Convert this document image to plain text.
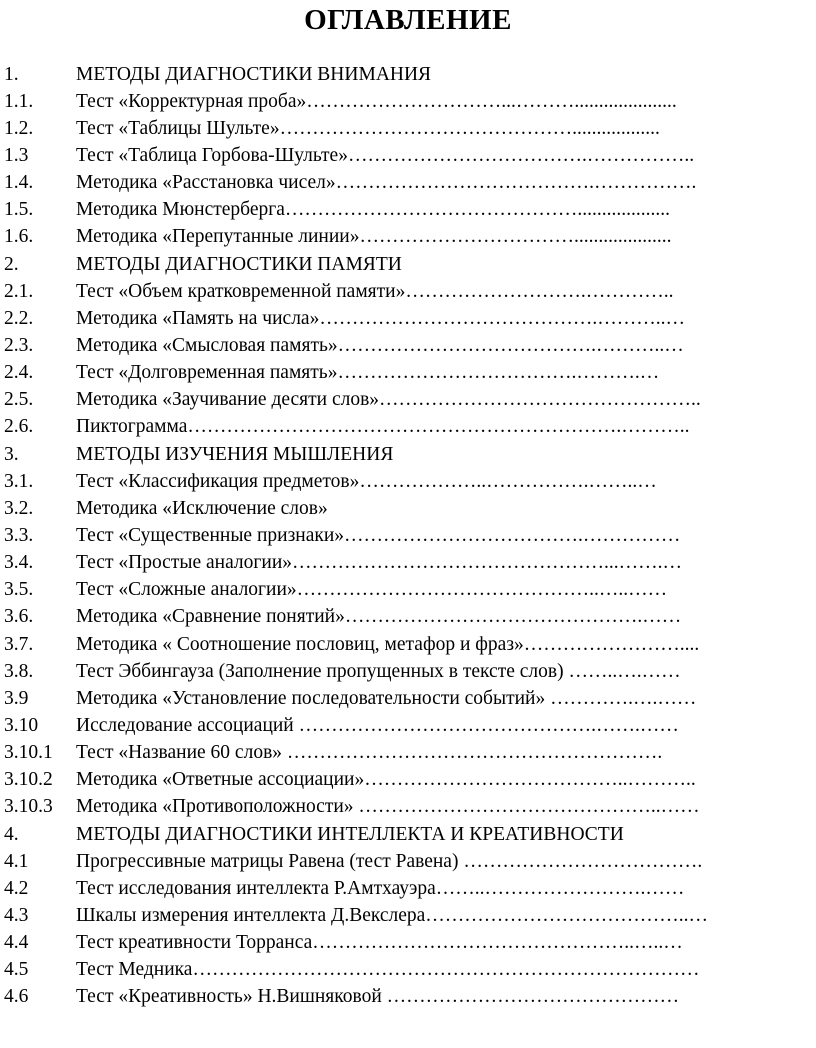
ОГЛАВЛЕНИЕ
1.	МЕТОДЫ ДИАГНОСТИКИ ВНИМАНИЯ
1.1.	Тест «Корректурная проба»…………………………...……….....................
1.2.	Тест «Таблицы Шульте»………………………………………..................
1.3	Тест «Таблица Горбова-Шульте»……………………………….……………..
1.4.	Методика «Расстановка чисел»………………………………….…………….
1.5.	Методика Мюнстерберга………………………………………...................
1.6.	Методика «Перепутанные линии»……………………………....................
2.	МЕТОДЫ ДИАГНОСТИКИ ПАМЯТИ
2.1.	Тест «Объем кратковременной памяти»……………………….…………..
2.2.	Методика «Память на числа»…………………………………….………..…
2.3.	Методика «Смысловая память»………………………………….………..…
2.4.	Тест «Долговременная память»……………………………….……….…
2.5.	Методика «Заучивание десяти слов»…………………………………………..
2.6.	Пиктограмма………………………………………………………….………..
3.	МЕТОДЫ ИЗУЧЕНИЯ МЫШЛЕНИЯ
3.1.	Тест «Классификация предметов»………………..…………….……..…
3.2.	Методика «Исключение слов»
3.3.	Тест «Существенные признаки»……………………………….……………
3.4.	Тест «Простые аналогии»…………………………………………...…….…
3.5.	Тест «Сложные аналогии»………………………………………..…..……
3.6.	Методика «Сравнение понятий»……………………………………….……
3.7.	Методика « Соотношение пословиц, метафор и фраз»……………………....
3.8.	Тест Эббингауза (Заполнение пропущенных в тексте слов) ……..….……
3.9	Методика «Установление последовательности событий» ………….….……
3.10	Исследование ассоциаций ……………………………………….…….……
3.10.1	Тест «Название 60 слов» ………………………………………………….
3.10.2	Методика «Ответные ассоциации»…………………………………..………..
3.10.3	Методика «Противоположности» ………………………………………..……
4.	МЕТОДЫ ДИАГНОСТИКИ ИНТЕЛЛЕКТА И КРЕАТИВНОСТИ
4.1	Прогрессивные матрицы Равена (тест Равена) ……………………………….
4.2	Тест исследования интеллекта Р.Амтхауэра……..…………………….……
4.3	Шкалы измерения интеллекта Д.Векслера…………………………………..…
4.4	Тест креативности Торранса…………………………………………..…..…
4.5	Тест Медника……………………………………………………………………
4.6	Тест «Креативность» Н.Вишняковой ………………………………………
